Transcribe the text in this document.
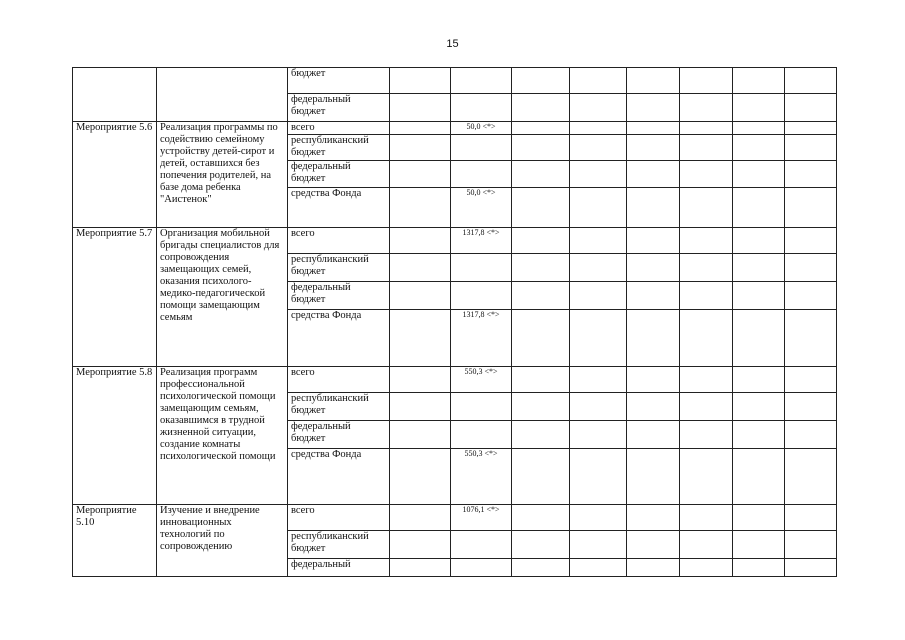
15
		бюджет								
		федеральный бюджет								
Мероприятие 5.6	Реализация программы по содействию семейному устройству детей-сирот и детей, оставшихся без попечения родителей, на базе дома ребенка "Аистенок"	всего		50,0 <*>						
		республиканский бюджет								
		федеральный бюджет								
		средства Фонда		50,0 <*>						
Мероприятие 5.7	Организация мобильной бригады специалистов для сопровождения замещающих семей, оказания психолого-медико-педагогической помощи замещающим семьям	всего		1317,8 <*>						
		республиканский бюджет								
		федеральный бюджет								
		средства Фонда		1317,8 <*>						
Мероприятие 5.8	Реализация программ профессиональной психологической помощи замещающим семьям, оказавшимся в трудной жизненной ситуации, создание комнаты психологической помощи	всего		550,3 <*>						
		республиканский бюджет								
		федеральный бюджет								
		средства Фонда		550,3 <*>						
Мероприятие 5.10	Изучение и внедрение инновационных технологий по сопровождению	всего		1076,1 <*>						
		республиканский бюджет								
		федеральный								
